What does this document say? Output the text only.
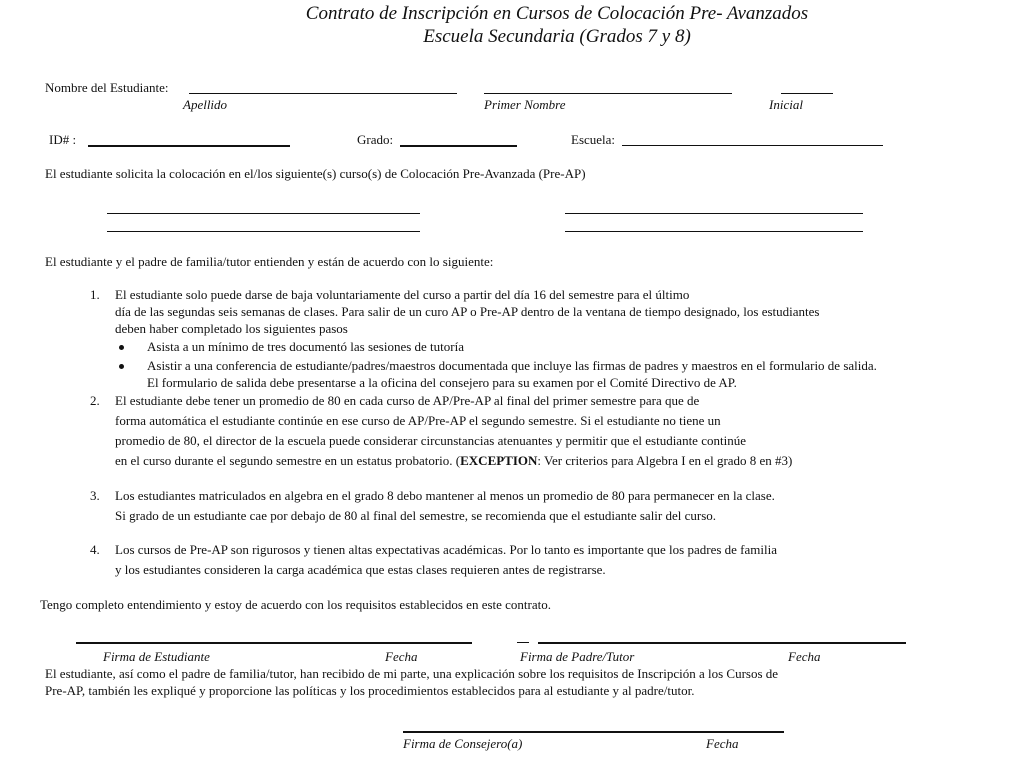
Contrato de Inscripción en Cursos de Colocación Pre- Avanzados
Escuela Secundaria (Grados 7 y 8)
Nombre del Estudiante:
Apellido	Primer Nombre	Inicial
ID# :	Grado:	Escuela:
El estudiante solicita la colocación en el/los siguiente(s) curso(s) de Colocación Pre-Avanzada (Pre-AP)
El estudiante y el padre de familia/tutor entienden y están de acuerdo con lo siguiente:
1. El estudiante solo puede darse de baja voluntariamente del curso a partir del día 16 del semestre para el último
día de las segundas seis semanas de clases. Para salir de un curo AP o Pre-AP dentro de la ventana de tiempo designado, los estudiantes
deben haber completado los siguientes pasos
Asista a un mínimo de tres documentó las sesiones de tutoría
Asistir a una conferencia de estudiante/padres/maestros documentada que incluye las firmas de padres y maestros en el formulario de salida.
El formulario de salida debe presentarse a la oficina del consejero para su examen por el Comité Directivo de AP.
2. El estudiante debe tener un promedio de 80 en cada curso de AP/Pre-AP al final del primer semestre para que de
forma automática el estudiante continúe en ese curso de AP/Pre-AP el segundo semestre. Si el estudiante no tiene un
promedio de 80, el director de la escuela puede considerar circunstancias atenuantes y permitir que el estudiante continúe
en el curso durante el segundo semestre en un estatus probatorio. (EXCEPTION: Ver criterios para Algebra I en el grado 8 en #3)
3. Los estudiantes matriculados en algebra en el grado 8 debo mantener al menos un promedio de 80 para permanecer en la clase.
Si grado de un estudiante cae por debajo de 80 al final del semestre, se recomienda que el estudiante salir del curso.
4. Los cursos de Pre-AP son rigurosos y tienen altas expectativas académicas. Por lo tanto es importante que los padres de familia
y los estudiantes consideren la carga académica que estas clases requieren antes de registrarse.
Tengo completo entendimiento y estoy de acuerdo con los requisitos establecidos en este contrato.
Firma de Estudiante	Fecha	Firma de Padre/Tutor	Fecha
El estudiante, así como el padre de familia/tutor, han recibido de mi parte, una explicación sobre los requisitos de Inscripción a los Cursos de
Pre-AP, también les expliqué y proporcione las políticas y los procedimientos establecidos para al estudiante y al padre/tutor.
Firma de Consejero(a)	Fecha
